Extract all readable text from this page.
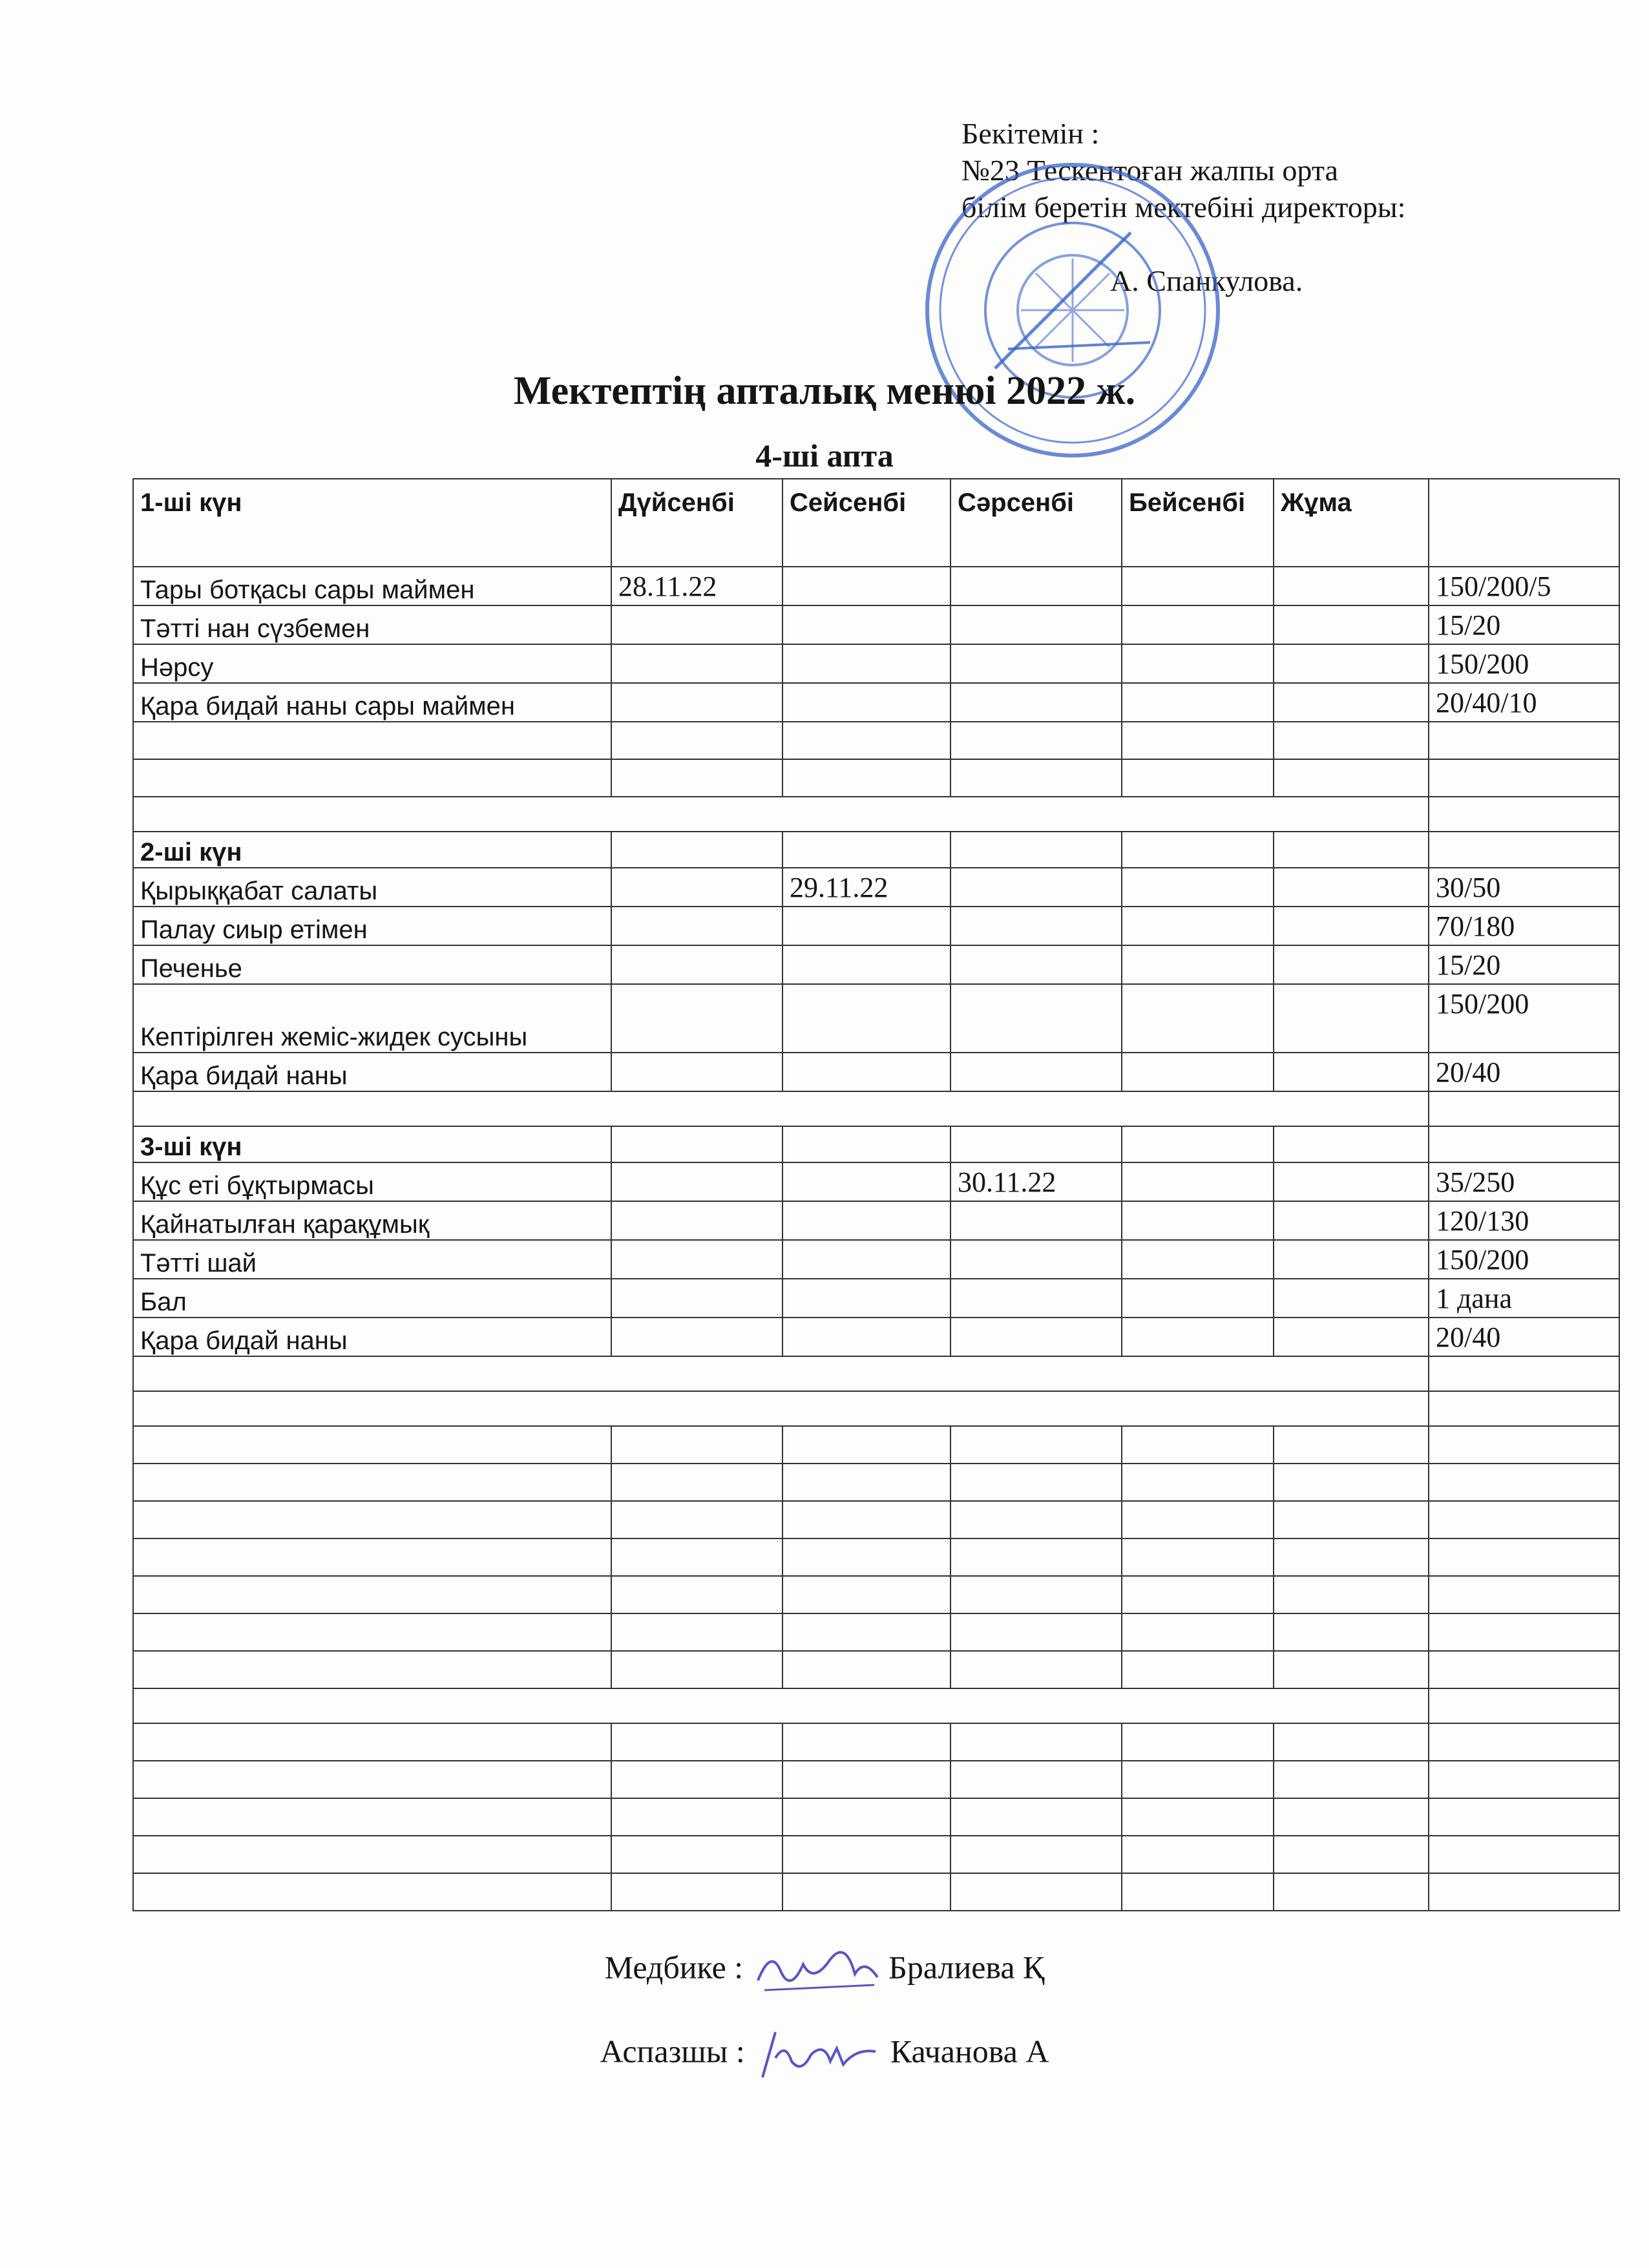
Бекітемін :
№23 Тескентоған жалпы орта
білім беретін мектебіні директоры:
А. Спанкулова.
Мектептің апталық менюі 2022 ж.
4-ші апта
1-ші күн	Дүйсенбі	Сейсенбі	Сәрсенбі	Бейсенбі	Жұма	
Тары ботқасы сары маймен	28.11.22					150/200/5
Тәтті нан сүзбемен						15/20
Нәрсу						150/200
Қара бидай наны сары маймен						20/40/10

2-ші күн						
Қырыққабат салаты		29.11.22				30/50
Палау сиыр етімен						70/180
Печенье						15/20
Кептірілген жеміс-жидек сусыны						150/200
Қара бидай наны						20/40

3-ші күн						
Құс еті бұқтырмасы			30.11.22			35/250
Қайнатылған қарақұмық						120/130
Тәтті шай						150/200
Бал						1 дана
Қара бидай наны						20/40

Медбике :	Бралиева Қ
Аспазшы :	Качанова А
